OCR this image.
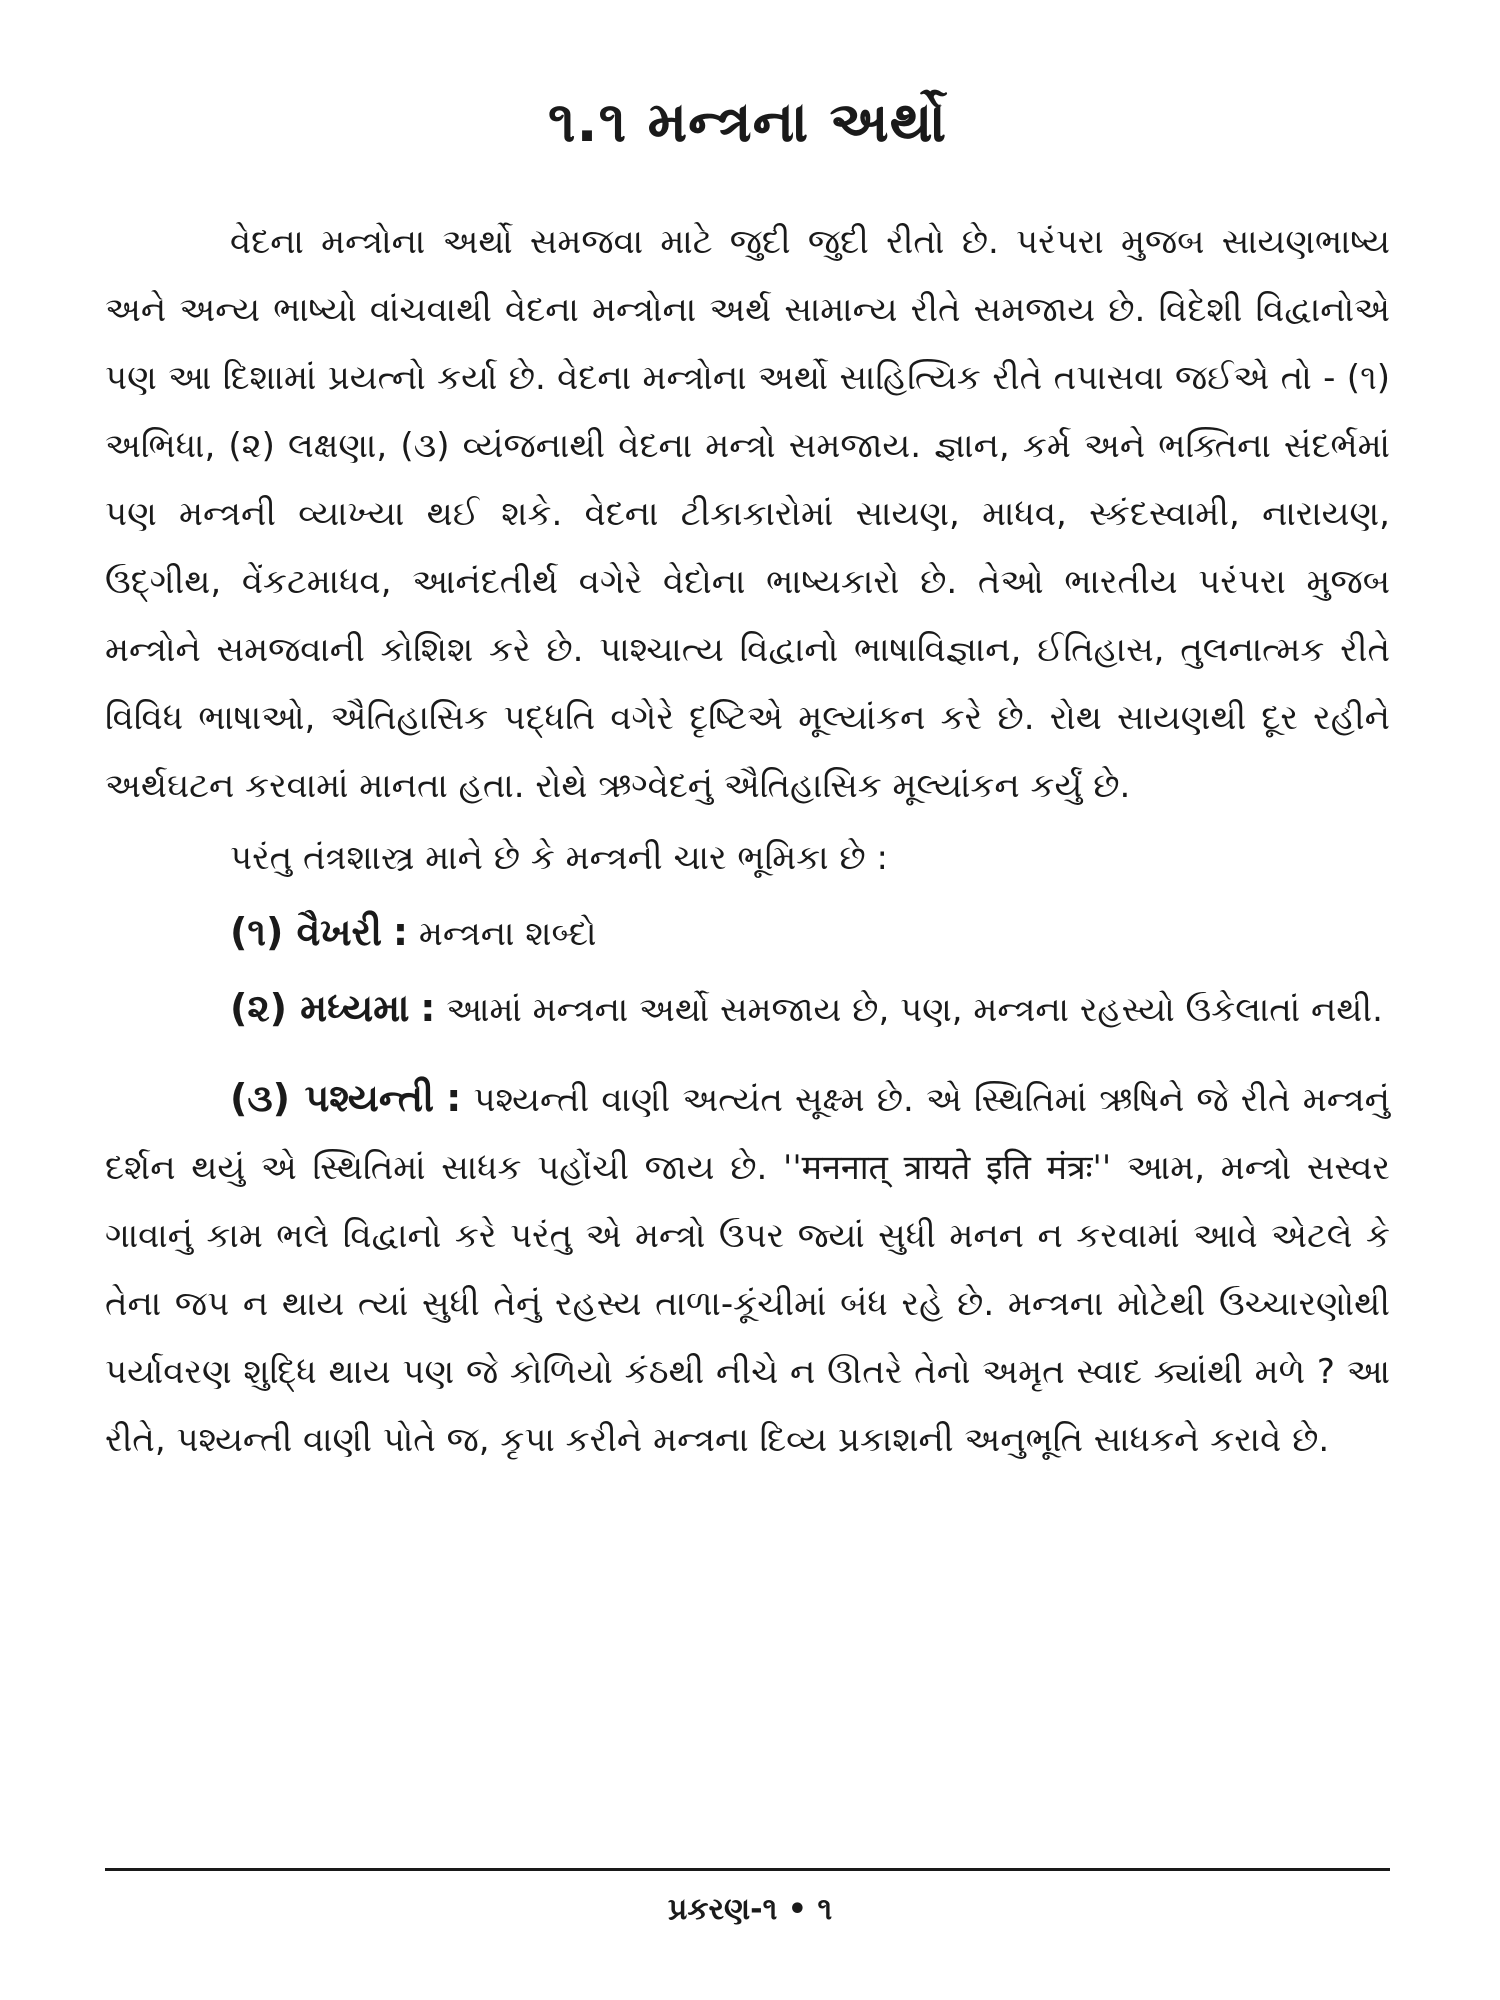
૧.૧ મન્ત્રના અર્થો

વેદના મન્ત્રોના અર્થો સમજવા માટે જુદી જુદી રીતો છે. પરંપરા મુજબ સાયણભાષ્ય અને અન્ય ભાષ્યો વાંચવાથી વેદના મન્ત્રોના અર્થ સામાન્ય રીતે સમજાય છે. વિદેશી વિદ્વાનોએ પણ આ દિશામાં પ્રયત્નો કર્યા છે. વેદના મન્ત્રોના અર્થો સાહિત્યિક રીતે તપાસવા જઈએ તો - (૧) અભિધા, (૨) લક્ષણા, (૩) વ્યંજનાથી વેદના મન્ત્રો સમજાય. જ્ઞાન, કર્મ અને ભક્તિના સંદર્ભમાં પણ મન્ત્રની વ્યાખ્યા થઈ શકે. વેદના ટીકાકારોમાં સાયણ, માધવ, સ્કંદસ્વામી, નારાયણ, ઉદ્‌ગીથ, વેંકટમાધવ, આનંદતીર્થ વગેરે વેદોના ભાષ્યકારો છે. તેઓ ભારતીય પરંપરા મુજબ મન્ત્રોને સમજવાની કોશિશ કરે છે. પાશ્ચાત્ય વિદ્વાનો ભાષાવિજ્ઞાન, ઈતિહાસ, તુલનાત્મક રીતે વિવિધ ભાષાઓ, ઐતિહાસિક પદ્ધતિ વગેરે દૃષ્ટિએ મૂલ્યાંકન કરે છે. રોથ સાયણથી દૂર રહીને અર્થઘટન કરવામાં માનતા હતા. રોથે ઋગ્વેદનું ઐતિહાસિક મૂલ્યાંકન કર્યું છે.

પરંતુ તંત્રશાસ્ત્ર માને છે કે મન્ત્રની ચાર ભૂમિકા છે :

(૧) વૈખરી : મન્ત્રના શબ્દો

(૨) મધ્યમા : આમાં મન્ત્રના અર્થો સમજાય છે, પણ, મન્ત્રના રહસ્યો ઉકેલાતાં નથી.

(૩) પશ્યન્તી : પશ્યન્તી વાણી અત્યંત સૂક્ષ્મ છે. એ સ્થિતિમાં ઋષિને જે રીતે મન્ત્રનું દર્શન થયું એ સ્થિતિમાં સાધક પહોંચી જાય છે. ''मननात् त्रायते इति मंत्रः'' આમ, મન્ત્રો સસ્વર ગાવાનું કામ ભલે વિદ્વાનો કરે પરંતુ એ મન્ત્રો ઉપર જ્યાં સુધી મનન ન કરવામાં આવે એટલે કે તેના જપ ન થાય ત્યાં સુધી તેનું રહસ્ય તાળા-કૂંચીમાં બંધ રહે છે. મન્ત્રના મોટેથી ઉચ્ચારણોથી પર્યાવરણ શુદ્ધિ થાય પણ જે કોળિયો કંઠથી નીચે ન ઊતરે તેનો અમૃત સ્વાદ ક્યાંથી મળે ? આ રીતે, પશ્યન્તી વાણી પોતે જ, કૃપા કરીને મન્ત્રના દિવ્ય પ્રકાશની અનુભૂતિ સાધકને કરાવે છે.

પ્રકરણ-૧ • ૧
